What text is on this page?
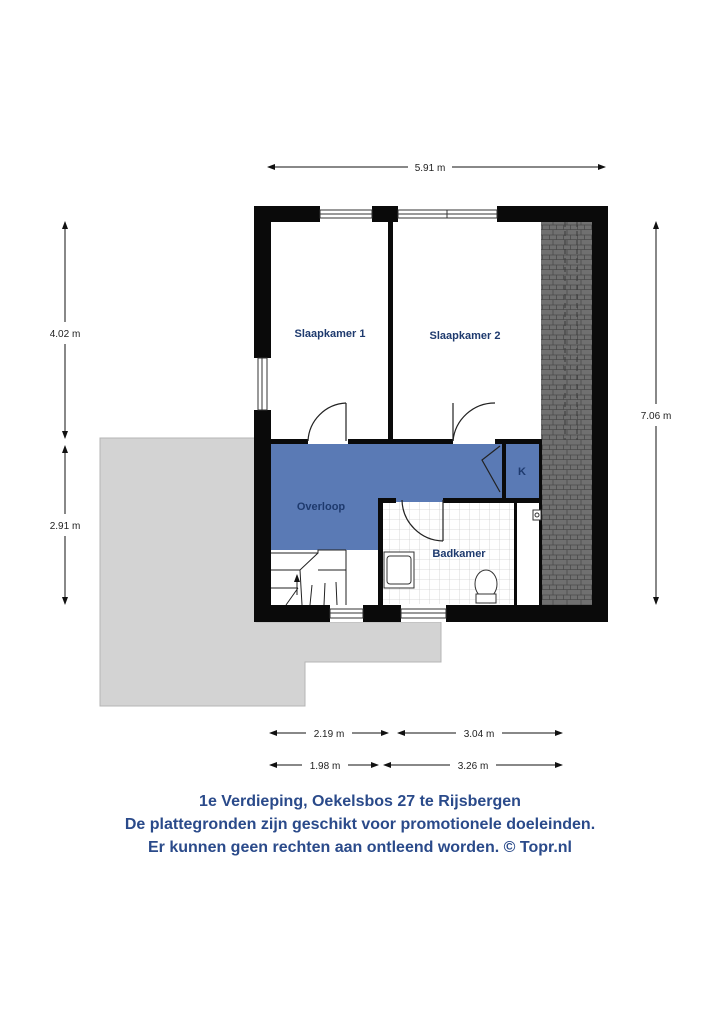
Slaapkamer 1	Slaapkamer 2
Overloop
Badkamer
K
5.91 m
4.02 m
2.91 m
7.06 m
2.19 m	3.04 m
1.98 m	3.26 m
1e Verdieping, Oekelsbos 27 te Rijsbergen
De plattegronden zijn geschikt voor promotionele doeleinden.
Er kunnen geen rechten aan ontleend worden. © Topr.nl
